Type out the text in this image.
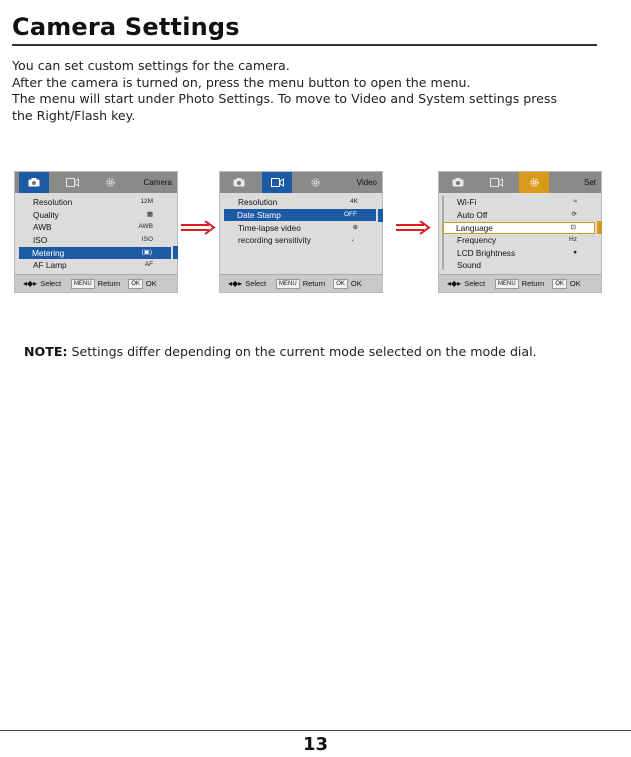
Camera Settings

You can set custom settings for the camera.

After the camera is turned on, press the menu button to open the menu.

The menu will start under Photo Settings. To move to Video and System settings press

the Right/Flash key.

Camera
Resolution	12M
Quality	▦
AWB	AWB
ISO	ISO
Metering	(▣)
AF Lamp	AF
◂◆▸ Select	MENU Return	OK OK
Video
Resolution	4K
Date Stamp	OFF
Time-lapse video	⊕
recording sensitivity	♩
◂◆▸ Select	MENU Return	OK OK
Set
Wi-Fi	≈
Auto Off	⟳
Language	⊡
Frequency	Hz
LCD Brightness	●
Sound
◂◆▸ Select	MENU Return	OK OK
NOTE: Settings differ depending on the current mode selected on the mode dial.
13
